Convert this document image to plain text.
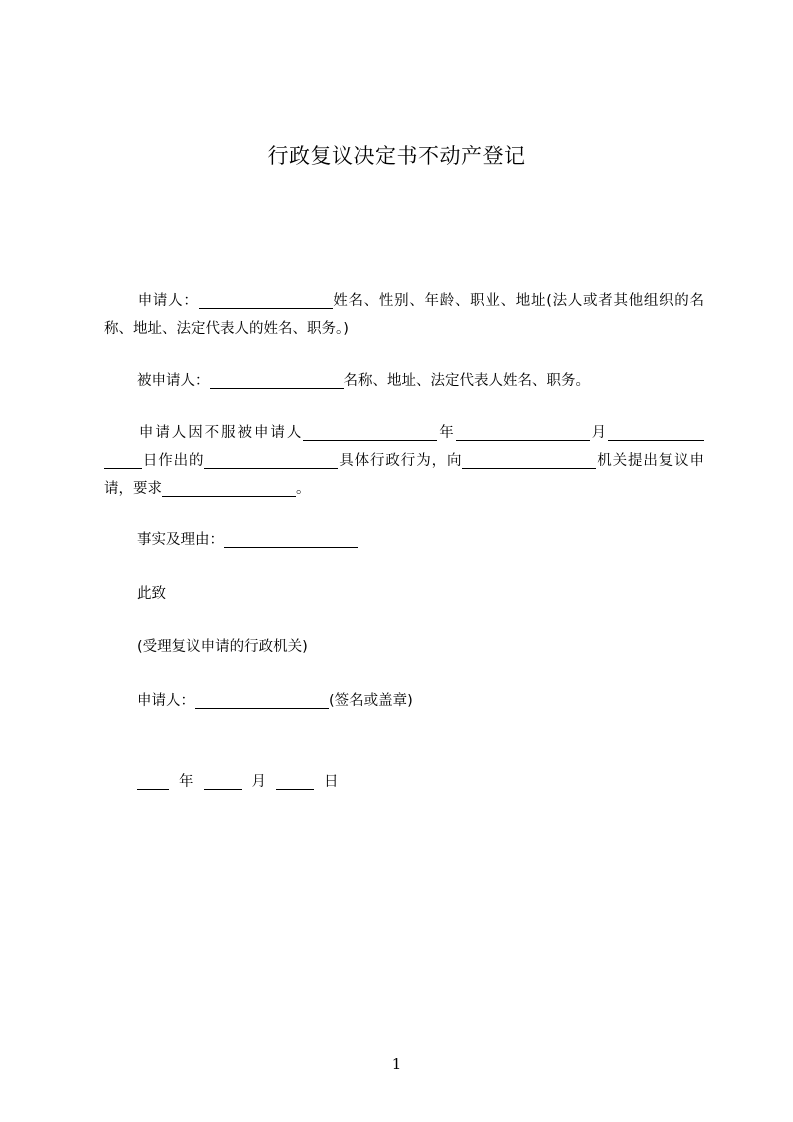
行政复议决定书不动产登记
申请人：	姓名、性别、年龄、职业、地址(法人或者其他组织的名称、地址、法定代表人的姓名、职务。)
被申请人：	名称、地址、法定代表人姓名、职务。
申请人因不服被申请人	年	月日作出的	具体行政行为，向	机关提出复议申请，要求	。
事实及理由：
此致
(受理复议申请的行政机关)
申请人：	(签名或盖章)
年	月	日
1
